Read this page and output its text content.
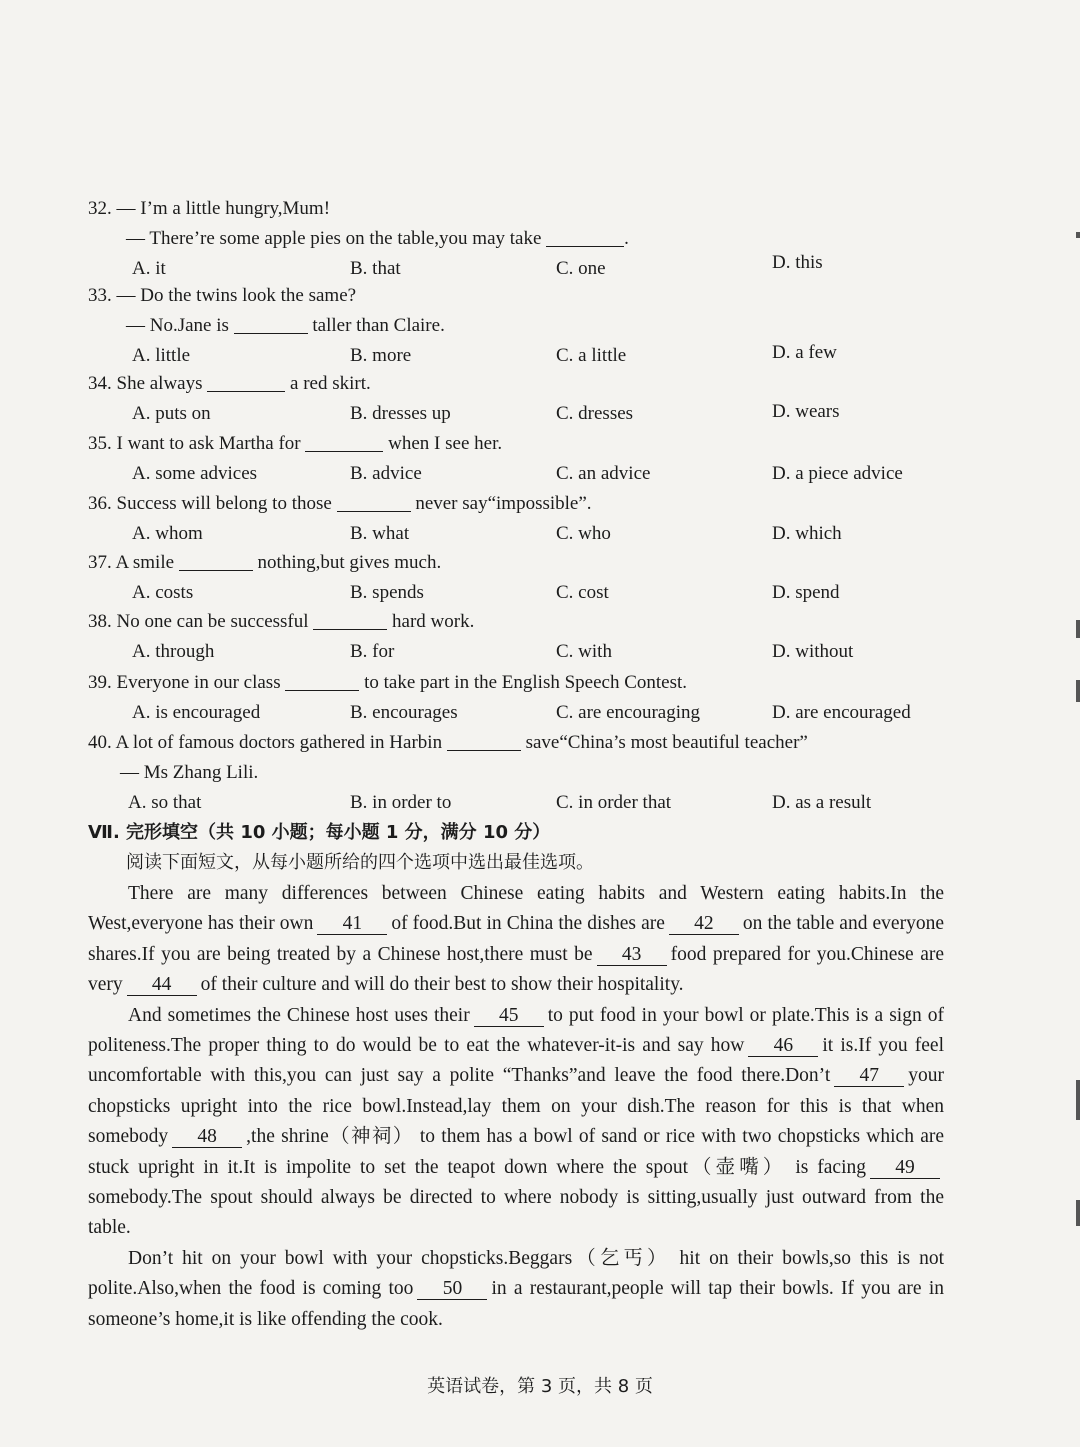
32. — I’m a little hungry,Mum!
— There’re some apple pies on the table,you may take	.
A. it	B. that	C. one	D. this
33. — Do the twins look the same?
— No.Jane is	taller than Claire.
A. little	B. more	C. a little	D. a few
34. She always	a red skirt.
A. puts on	B. dresses up	C. dresses	D. wears
35. I want to ask Martha for	when I see her.
A. some advices	B. advice	C. an advice	D. a piece advice
36. Success will belong to those	never say“impossible”.
A. whom	B. what	C. who	D. which
37. A smile	nothing,but gives much.
A. costs	B. spends	C. cost	D. spend
38. No one can be successful	hard work.
A. through	B. for	C. with	D. without
39. Everyone in our class	to take part in the English Speech Contest.
A. is encouraged	B. encourages	C. are encouraging	D. are encouraged
40. A lot of famous doctors gathered in Harbin	save“China’s most beautiful teacher”
— Ms Zhang Lili.
A. so that	B. in order to	C. in order that	D. as a result
Ⅶ. 完形填空（共 10 小题；每小题 1 分，满分 10 分）
阅读下面短文，从每小题所给的四个选项中选出最佳选项。

There are many differences between Chinese eating habits and Western eating habits.In the West,everyone has their own 41 of food.But in China the dishes are 42 on the table and everyone shares.If you are being treated by a Chinese host,there must be 43 food prepared for you.Chinese are very 44 of their culture and will do their best to show their hospitality.

And sometimes the Chinese host uses their 45 to put food in your bowl or plate.This is a sign of politeness.The proper thing to do would be to eat the whatever-it-is and say how 46 it is.If you feel uncomfortable with this,you can just say a polite “Thanks”and leave the food there.Don’t 47 your chopsticks upright into the rice bowl.Instead,lay them on your dish.The reason for this is that when somebody 48 ,the shrine（神祠） to them has a bowl of sand or rice with two chopsticks which are stuck upright in it.It is impolite to set the teapot down where the spout（壶嘴） is facing 49somebody.The spout should always be directed to where nobody is sitting,usually just outward from the table.

Don’t hit on your bowl with your chopsticks.Beggars（乞丐） hit on their bowls,so this is not polite.Also,when the food is coming too 50 in a restaurant,people will tap their bowls. If you are in someone’s home,it is like offending the cook.

英语试卷，第 3 页，共 8 页
